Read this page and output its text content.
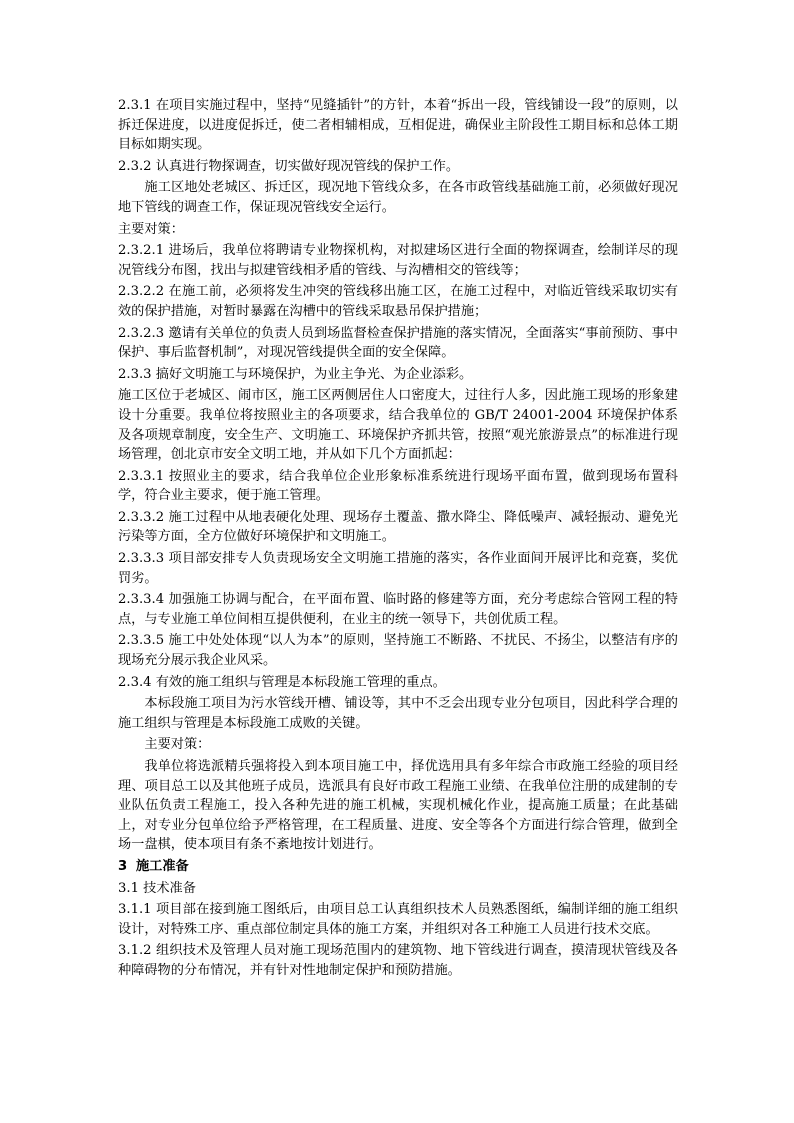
2.3.1 在项目实施过程中，坚持“见缝插针”的方针，本着“拆出一段，管线铺设一段”的原则，以拆迁保进度，以进度促拆迁，使二者相辅相成，互相促进，确保业主阶段性工期目标和总体工期目标如期实现。

2.3.2 认真进行物探调查，切实做好现况管线的保护工作。

施工区地处老城区、拆迁区，现况地下管线众多，在各市政管线基础施工前，必须做好现况地下管线的调查工作，保证现况管线安全运行。

主要对策：

2.3.2.1 进场后，我单位将聘请专业物探机构，对拟建场区进行全面的物探调查，绘制详尽的现况管线分布图，找出与拟建管线相矛盾的管线、与沟槽相交的管线等；

2.3.2.2 在施工前，必须将发生冲突的管线移出施工区，在施工过程中，对临近管线采取切实有效的保护措施，对暂时暴露在沟槽中的管线采取悬吊保护措施；

2.3.2.3 邀请有关单位的负责人员到场监督检查保护措施的落实情况，全面落实“事前预防、事中保护、事后监督机制”，对现况管线提供全面的安全保障。

2.3.3 搞好文明施工与环境保护，为业主争光、为企业添彩。

施工区位于老城区、闹市区，施工区两侧居住人口密度大，过往行人多，因此施工现场的形象建设十分重要。我单位将按照业主的各项要求，结合我单位的 GB/T 24001-2004 环境保护体系及各项规章制度，安全生产、文明施工、环境保护齐抓共管，按照“观光旅游景点”的标准进行现场管理，创北京市安全文明工地，并从如下几个方面抓起：

2.3.3.1 按照业主的要求，结合我单位企业形象标准系统进行现场平面布置，做到现场布置科学，符合业主要求，便于施工管理。

2.3.3.2 施工过程中从地表硬化处理、现场存土覆盖、撒水降尘、降低噪声、减轻振动、避免光污染等方面，全方位做好环境保护和文明施工。

2.3.3.3 项目部安排专人负责现场安全文明施工措施的落实，各作业面间开展评比和竞赛，奖优罚劣。

2.3.3.4 加强施工协调与配合，在平面布置、临时路的修建等方面，充分考虑综合管网工程的特点，与专业施工单位间相互提供便利，在业主的统一领导下，共创优质工程。

2.3.3.5 施工中处处体现“以人为本”的原则，坚持施工不断路、不扰民、不扬尘，以整洁有序的现场充分展示我企业风采。

2.3.4 有效的施工组织与管理是本标段施工管理的重点。

本标段施工项目为污水管线开槽、铺设等，其中不乏会出现专业分包项目，因此科学合理的施工组织与管理是本标段施工成败的关键。

主要对策：

我单位将选派精兵强将投入到本项目施工中，择优选用具有多年综合市政施工经验的项目经理、项目总工以及其他班子成员，选派具有良好市政工程施工业绩、在我单位注册的成建制的专业队伍负责工程施工，投入各种先进的施工机械，实现机械化作业，提高施工质量；在此基础上，对专业分包单位给予严格管理，在工程质量、进度、安全等各个方面进行综合管理，做到全场一盘棋，使本项目有条不紊地按计划进行。

3 施工准备

3.1 技术准备

3.1.1 项目部在接到施工图纸后，由项目总工认真组织技术人员熟悉图纸，编制详细的施工组织设计，对特殊工序、重点部位制定具体的施工方案，并组织对各工种施工人员进行技术交底。

3.1.2 组织技术及管理人员对施工现场范围内的建筑物、地下管线进行调查，摸清现状管线及各种障碍物的分布情况，并有针对性地制定保护和预防措施。
